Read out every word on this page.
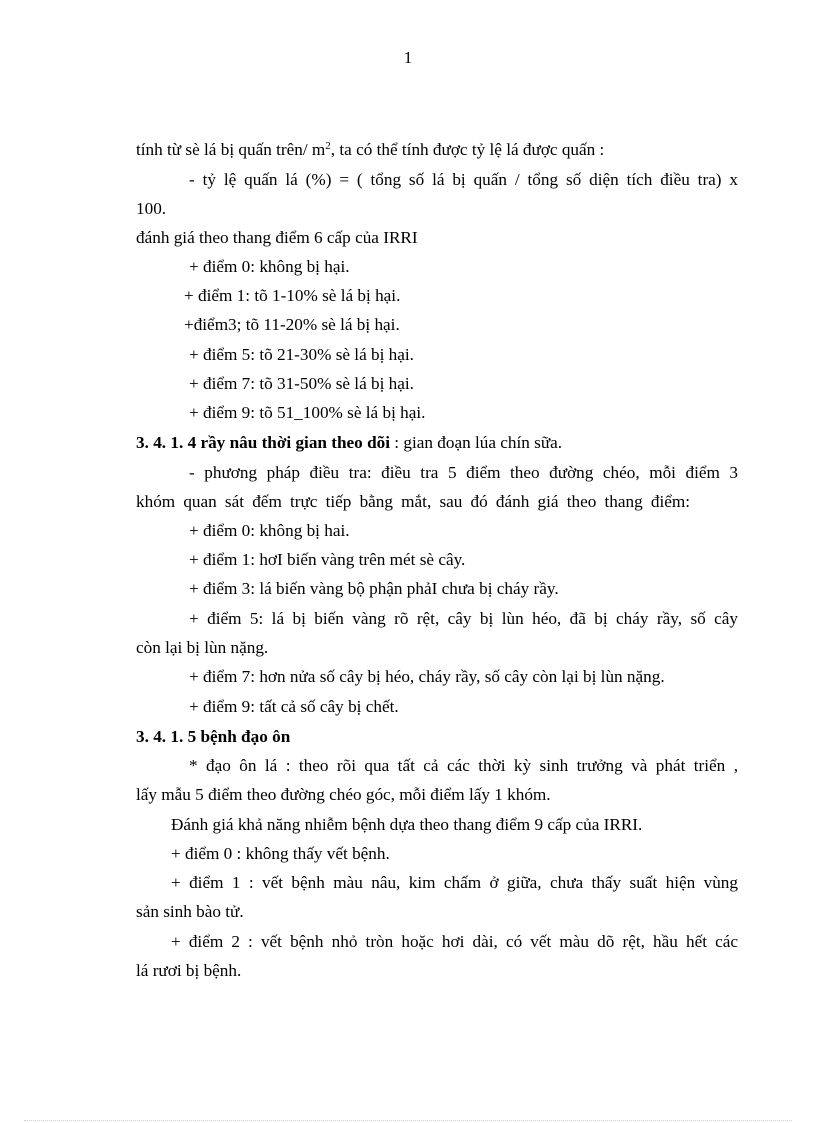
1
tính từ sè lá bị quấn trên/ $m^2$, ta có thể tính được tỷ lệ lá được quấn :
- tỷ lệ quấn lá (%) = ( tổng số lá bị quấn / tổng số diện tích điều tra) x
100.
đánh giá theo thang điểm 6 cấp của IRRI
+ điểm 0: không bị hại.
+ điểm 1: tõ 1-10% sè lá bị hại.
+điểm3; tõ 11-20% sè lá bị hại.
+ điểm 5: tõ 21-30% sè lá bị hại.
+ điểm 7: tõ 31-50% sè lá bị hại.
+ điểm 9: tõ 51_100% sè lá bị hại.
3. 4. 1. 4 rầy nâu thời gian theo dõi : gian đoạn lúa chín sữa.
- phương pháp điều tra: điều tra 5 điểm theo đường chéo, mỗi điểm 3
khóm quan sát đếm trực tiếp bằng mắt, sau đó đánh giá theo thang điểm:
+ điểm 0: không bị hai.
+ điểm 1: hơI biến vàng trên mét sè cây.
+ điểm 3: lá biến vàng bộ phận phảI chưa bị cháy rầy.
+ điểm 5: lá bị biến vàng rõ rệt, cây bị lùn héo, đã bị cháy rầy, số cây
còn lại bị lùn nặng.
+ điểm 7: hơn nửa số cây bị héo, cháy rầy, số cây còn lại bị lùn nặng.
+ điểm 9: tất cả số cây bị chết.
3. 4. 1. 5 bệnh đạo ôn
* đạo ôn lá : theo rõi qua tất cả các thời kỳ sinh trưởng và phát triển ,
lấy mẫu 5 điểm theo đường chéo góc, mỗi điểm lấy 1 khóm.
Đánh giá khả năng nhiễm bệnh dựa theo thang điểm 9 cấp của IRRI.
+ điểm 0 : không thấy vết bệnh.
+ điểm 1 : vết bệnh màu nâu, kim chấm ở giữa, chưa thấy suất hiện vùng
sản sinh bào tử.
+ điểm 2 : vết bệnh nhỏ tròn hoặc hơi dài, có vết màu dõ rệt, hầu hết các
lá rươi bị bệnh.
